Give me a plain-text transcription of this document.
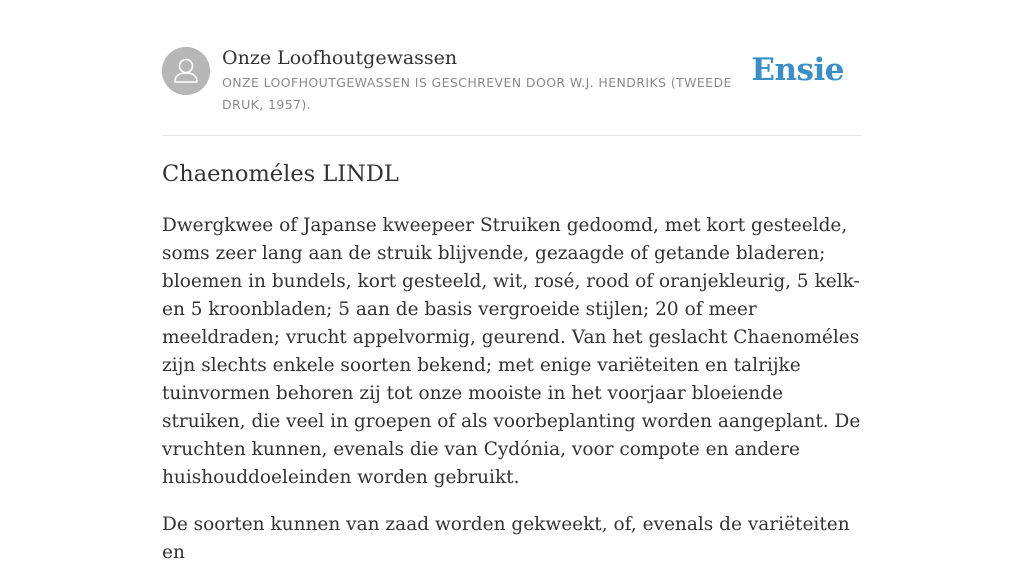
Onze Loofhoutgewassen
ONZE LOOFHOUTGEWASSEN IS GESCHREVEN DOOR W.J. HENDRIKS (TWEEDE DRUK, 1957).
Ensie
Chaenoméles LINDL

Dwergkwee of Japanse kweepeer Struiken gedoomd, met kort gesteelde, soms zeer lang aan de struik blijvende, gezaagde of getande bladeren; bloemen in bundels, kort gesteeld, wit, rosé, rood of oranjekleurig, 5 kelk-en 5 kroonbladen; 5 aan de basis vergroeide stijlen; 20 of meer meeldraden; vrucht appelvormig, geurend. Van het geslacht Chaenoméles zijn slechts enkele soorten bekend; met enige variëteiten en talrijke tuinvormen behoren zij tot onze mooiste in het voorjaar bloeiende struiken, die veel in groepen of als voorbeplanting worden aangeplant. De vruchten kunnen, evenals die van Cydónia, voor compote en andere huishouddoeleinden worden gebruikt.

De soorten kunnen van zaad worden gekweekt, of, evenals de variëteiten en
